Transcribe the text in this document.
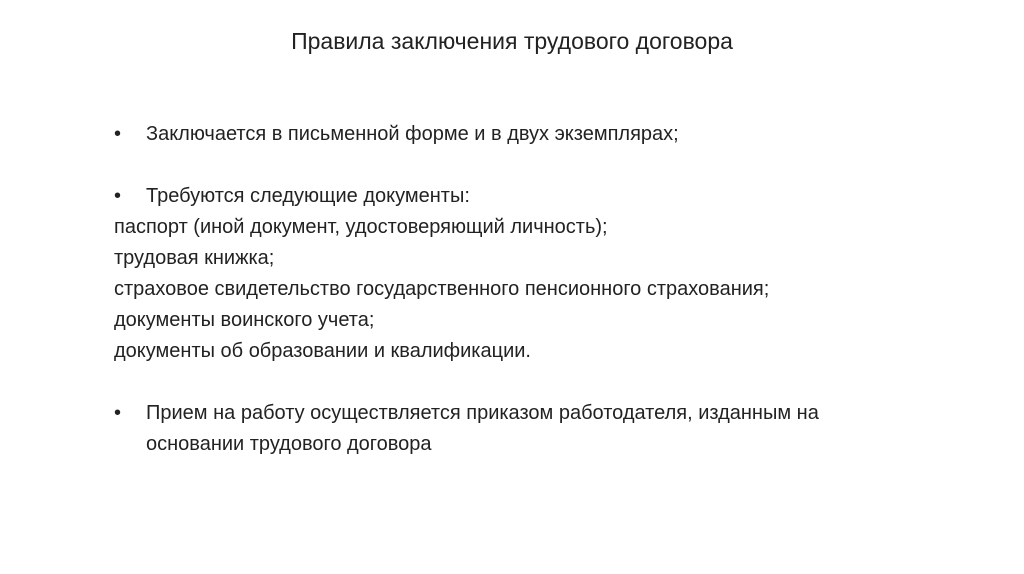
Правила заключения трудового договора
• Заключается в письменной форме и в двух экземплярах;
• Требуются следующие документы:
паспорт (иной документ, удостоверяющий личность);
трудовая книжка;
страховое свидетельство государственного пенсионного страхования;
документы воинского учета;
документы об образовании и квалификации.
• Прием на работу осуществляется приказом работодателя, изданным на
основании трудового договора
